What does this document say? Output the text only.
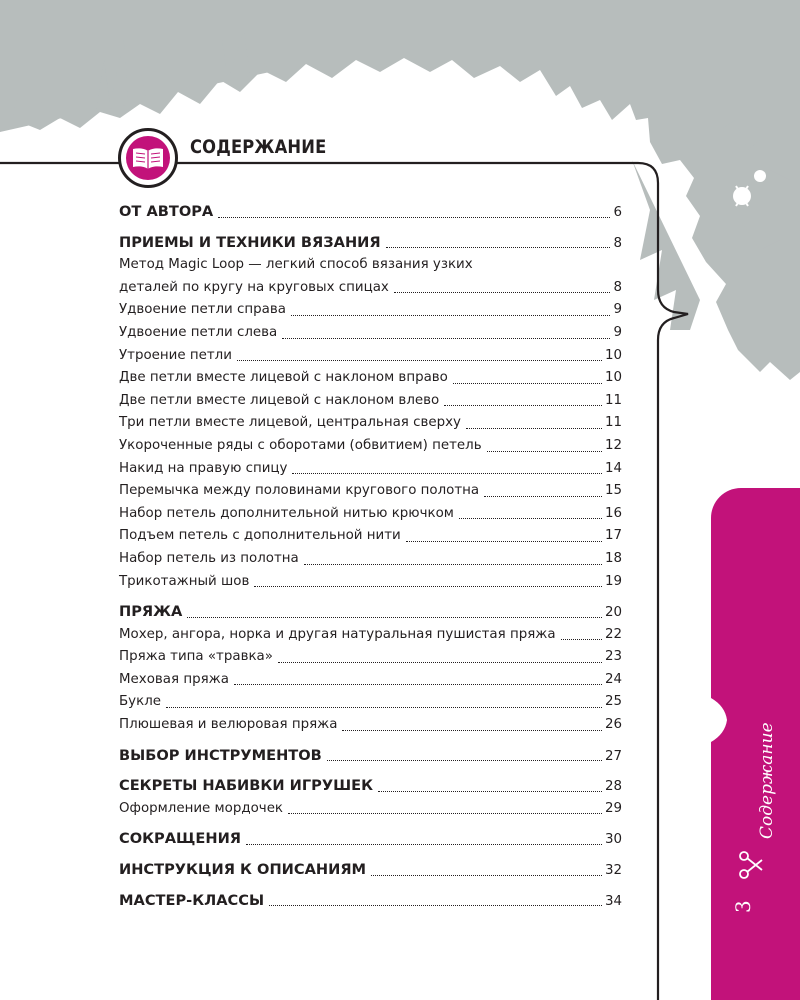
СОДЕРЖАНИЕ
ОТ АВТОРА	6
ПРИЕМЫ И ТЕХНИКИ ВЯЗАНИЯ	8
Метод Magic Loop — легкий способ вязания узких
деталей по кругу на круговых спицах	8
Удвоение петли справа	9
Удвоение петли слева	9
Утроение петли	10
Две петли вместе лицевой с наклоном вправо	10
Две петли вместе лицевой с наклоном влево	11
Три петли вместе лицевой, центральная сверху	11
Укороченные ряды с оборотами (обвитием) петель	12
Накид на правую спицу	14
Перемычка между половинами кругового полотна	15
Набор петель дополнительной нитью крючком	16
Подъем петель с дополнительной нити	17
Набор петель из полотна	18
Трикотажный шов	19
ПРЯЖА	20
Мохер, ангора, норка и другая натуральная пушистая пряжа	22
Пряжа типа «травка»	23
Меховая пряжа	24
Букле	25
Плюшевая и велюровая пряжа	26
ВЫБОР ИНСТРУМЕНТОВ	27
СЕКРЕТЫ НАБИВКИ ИГРУШЕК	28
Оформление мордочек	29
СОКРАЩЕНИЯ	30
ИНСТРУКЦИЯ К ОПИСАНИЯМ	32
МАСТЕР-КЛАССЫ	34
Содержание
3
